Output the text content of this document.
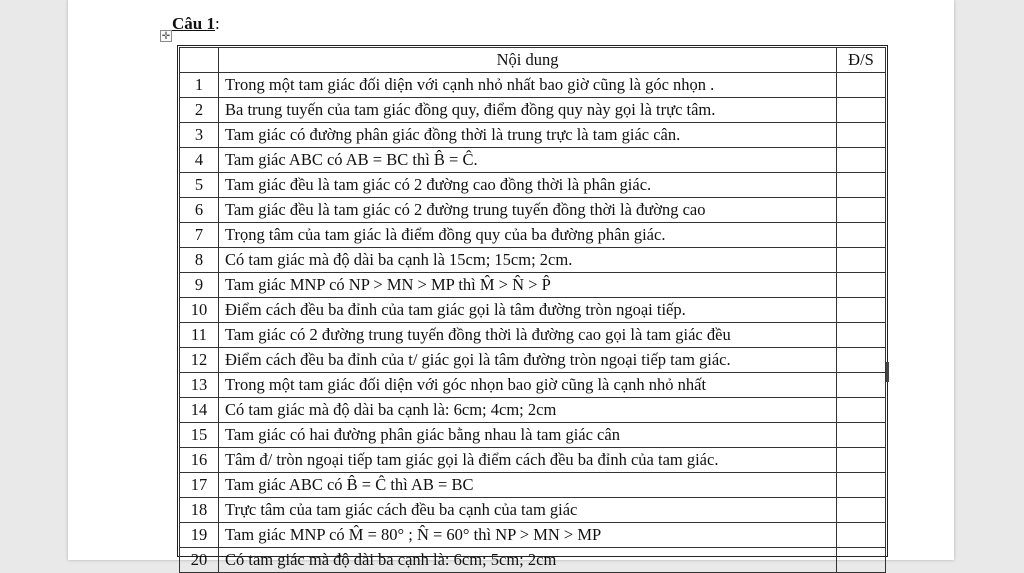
Câu 1:
✛
	Nội dung	Đ/S
1	Trong một tam giác đối diện với cạnh nhỏ nhất bao giờ cũng là góc nhọn .	
2	Ba trung tuyến của tam giác đồng quy, điểm đồng quy này gọi là trực tâm.	
3	Tam giác có đường phân giác đồng thời là trung trực là tam giác cân.	
4	Tam giác ABC có AB = BC thì B̂ = Ĉ.	
5	Tam giác đều là tam giác có 2 đường cao đồng thời là phân giác.	
6	Tam giác đều là tam giác có 2 đường trung tuyến đồng thời là đường cao	
7	Trọng tâm của tam giác là điểm đồng quy của ba đường phân giác.	
8	Có tam giác mà độ dài ba cạnh là 15cm; 15cm; 2cm.	
9	Tam giác MNP có NP > MN > MP thì M̂ > N̂ > P̂	
10	Điểm cách đều ba đỉnh của tam giác gọi là tâm đường tròn ngoại tiếp.	
11	Tam giác có 2 đường trung tuyến đồng thời là đường cao gọi là tam giác đều	
12	Điểm cách đều ba đỉnh của t/ giác gọi là tâm đường tròn ngoại tiếp tam giác.	
13	Trong một tam giác đối diện với góc nhọn bao giờ cũng là cạnh nhỏ nhất	
14	Có tam giác mà độ dài ba cạnh là: 6cm; 4cm; 2cm	
15	Tam giác có hai đường phân giác bằng nhau là tam giác cân	
16	Tâm đ/ tròn ngoại tiếp tam giác gọi là điểm cách đều ba đỉnh của tam giác.	
17	Tam giác ABC có B̂ = Ĉ thì AB = BC	
18	Trực tâm của tam giác cách đều ba cạnh của tam giác	
19	Tam giác MNP có M̂ = 80° ; N̂ = 60° thì NP > MN > MP	
20	Có tam giác mà độ dài ba cạnh là: 6cm; 5cm; 2cm	
